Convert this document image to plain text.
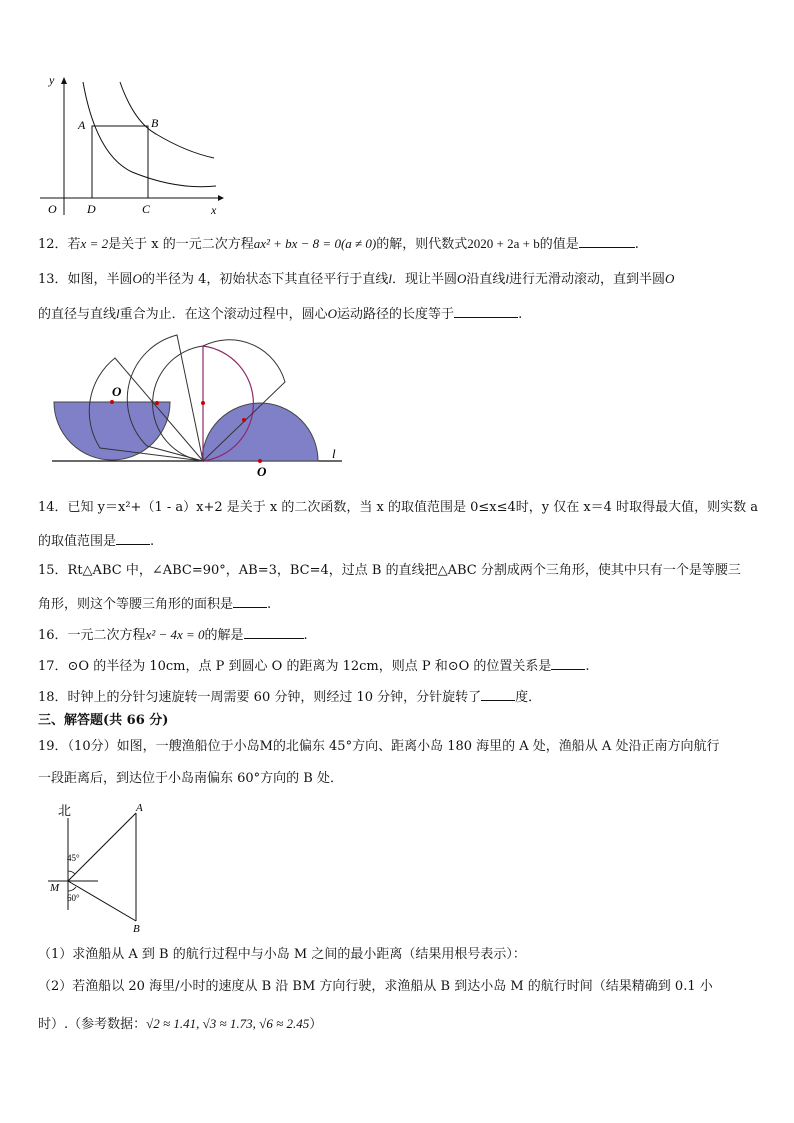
y
x
O
A	B
D	C
12．若x = 2是关于 x 的一元二次方程ax² + bx − 8 = 0(a ≠ 0)的解，则代数式2020 + 2a + b的值是	.
13．如图，半圆O的半径为 4，初始状态下其直径平行于直线l．现让半圆O沿直线l进行无滑动滚动，直到半圆O
的直径与直线l重合为止．在这个滚动过程中，圆心O运动路径的长度等于	.
O
O
l
14．已知 y＝x²+（1 - a）x+2 是关于 x 的二次函数，当 x 的取值范围是 0≤x≤4时，y 仅在 x＝4 时取得最大值，则实数 a
的取值范围是	.
15．Rt△ABC 中，∠ABC=90°，AB=3，BC=4，过点 B 的直线把△ABC 分割成两个三角形，使其中只有一个是等腰三
角形，则这个等腰三角形的面积是	.
16．一元二次方程x² − 4x = 0的解是	.
17．⊙O 的半径为 10cm，点 P 到圆心 O 的距离为 12cm，则点 P 和⊙O 的位置关系是	.
18．时钟上的分针匀速旋转一周需要 60 分钟，则经过 10 分钟，分针旋转了	度．
三、解答题(共 66 分)
19．（10分）如图，一艘渔船位于小岛M的北偏东 45°方向、距离小岛 180 海里的 A 处，渔船从 A 处沿正南方向航行
一段距离后，到达位于小岛南偏东 60°方向的 B 处．
北	A
M
B
45°
60°
（1）求渔船从 A 到 B 的航行过程中与小岛 M 之间的最小距离（结果用根号表示）：
（2）若渔船以 20 海里/小时的速度从 B 沿 BM 方向行驶，求渔船从 B 到达小岛 M 的航行时间（结果精确到 0.1 小
时）.（参考数据：√2 ≈ 1.41, √3 ≈ 1.73, √6 ≈ 2.45）
